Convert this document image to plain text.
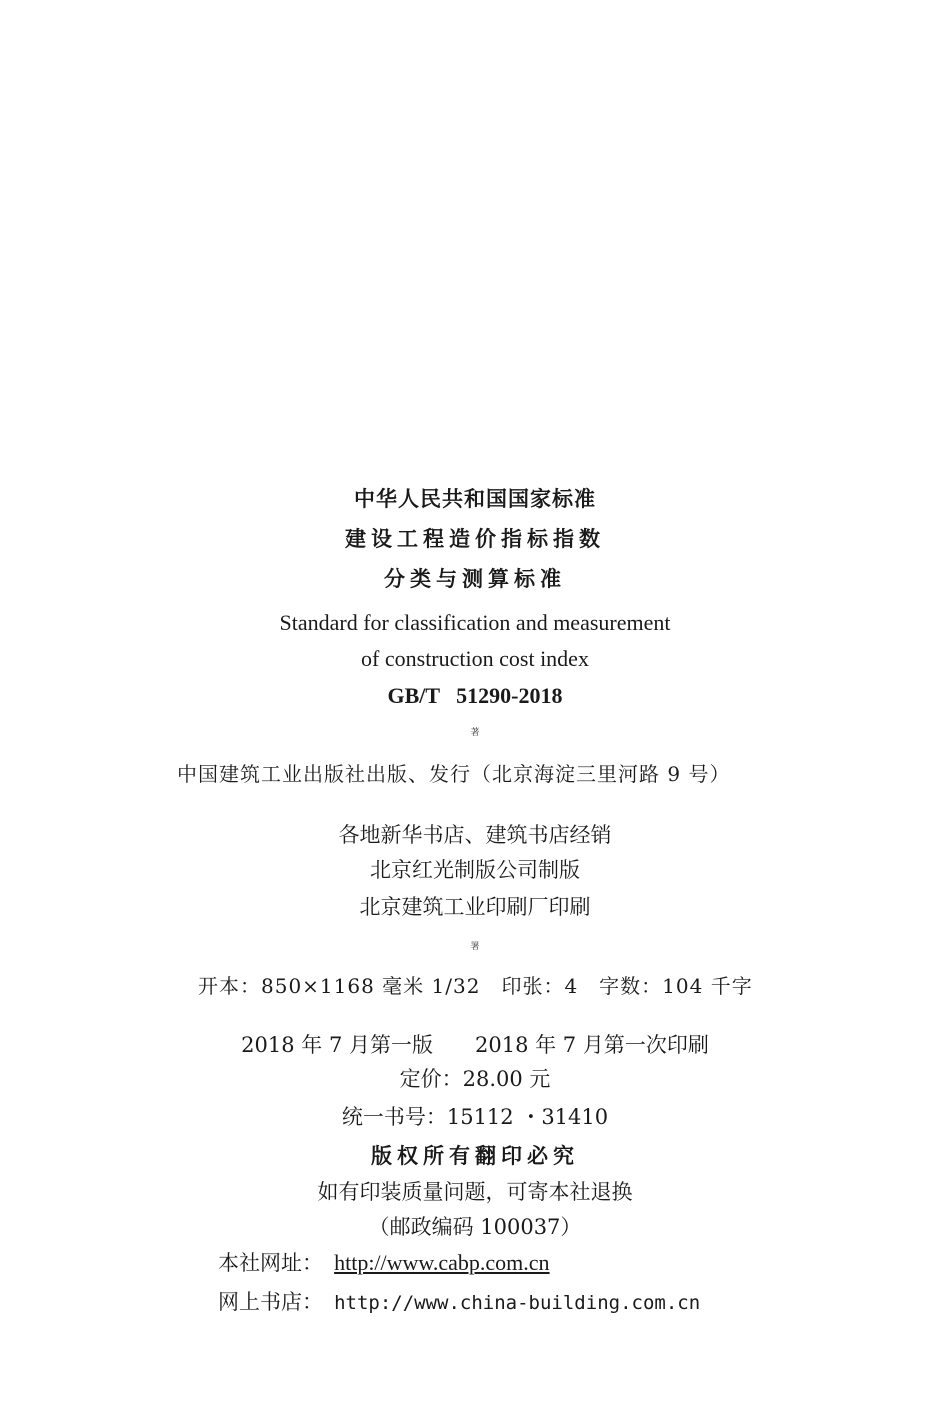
中华人民共和国国家标准
建设工程造价指标指数
分类与测算标准
Standard for classification and measurement
of construction cost index
GB/T   51290-2018
著
中国建筑工业出版社出版、发行（北京海淀三里河路 9 号）
各地新华书店、建筑书店经销
北京红光制版公司制版
北京建筑工业印刷厂印刷
署
开本：850×1168 毫米 1/32　印张：4　字数：104 千字
2018 年 7 月第一版　　2018 年 7 月第一次印刷
定价：28.00 元
统一书号：15112 ・31410
版权所有翻印必究
如有印装质量问题，可寄本社退换
（邮政编码 100037）
本社网址： http://www.cabp.com.cn
网上书店： http://www.china-building.com.cn
